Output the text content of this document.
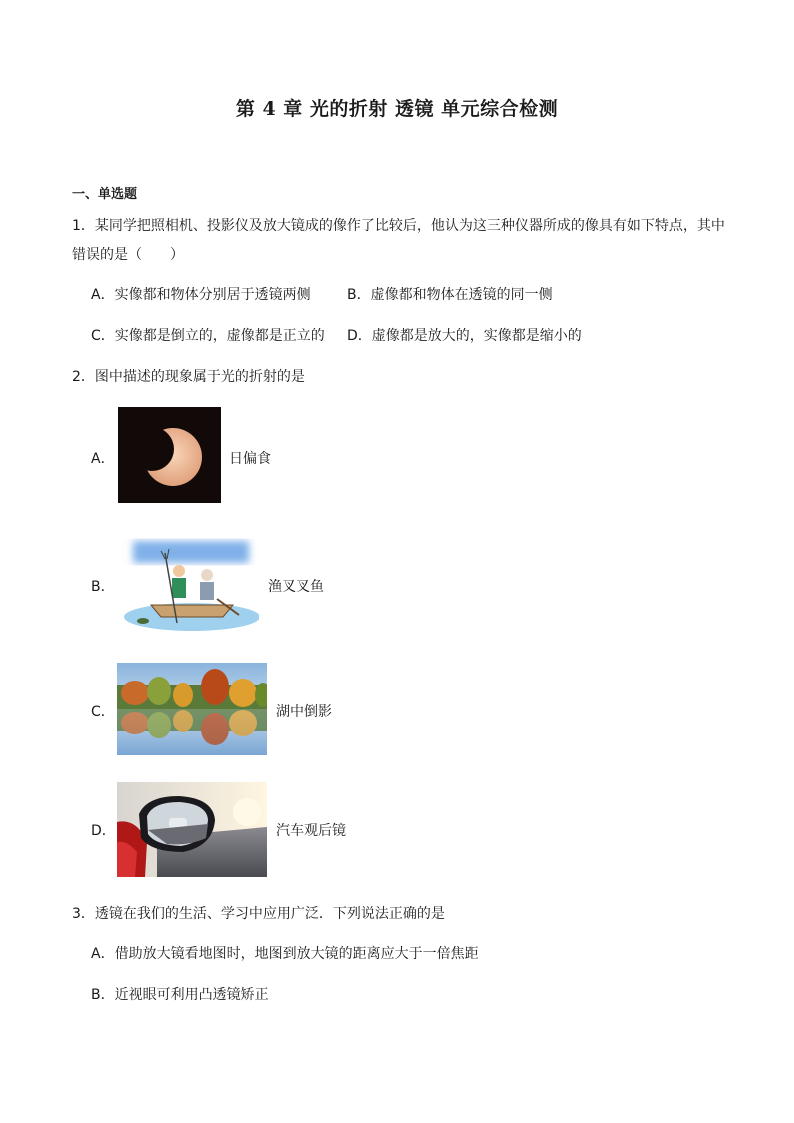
第 4 章 光的折射 透镜 单元综合检测
一、单选题
1．某同学把照相机、投影仪及放大镜成的像作了比较后，他认为这三种仪器所成的像具有如下特点，其中
错误的是（　　）
A．实像都和物体分别居于透镜两侧	B．虚像都和物体在透镜的同一侧
C．实像都是倒立的，虚像都是正立的 D．虚像都是放大的，实像都是缩小的
2．图中描述的现象属于光的折射的是
A．	日偏食
B．	渔叉叉鱼
C．	湖中倒影
D．	汽车观后镜
3．透镜在我们的生活、学习中应用广泛．下列说法正确的是
A．借助放大镜看地图时，地图到放大镜的距离应大于一倍焦距
B．近视眼可利用凸透镜矫正
